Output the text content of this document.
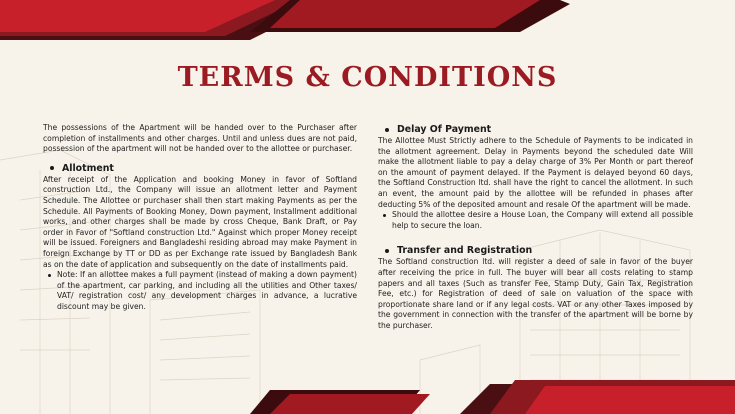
TERMS & CONDITIONS

The possessions of the Apartment will be handed over to the Purchaser after completion of installments and other charges. Until and unless dues are not paid, possession of the apartment will not be handed over to the allottee or purchaser.

Allotment

After receipt of the Application and booking Money in favor of Softland construction Ltd., the Company will issue an allotment letter and Payment Schedule. The Allottee or purchaser shall then start making Payments as per the Schedule. All Payments of Booking Money, Down payment, Installment additional works, and other charges shall be made by cross Cheque, Bank Draft, or Pay order in Favor of "Softland construction Ltd." Against which proper Money receipt will be issued. Foreigners and Bangladeshi residing abroad may make Payment in foreign Exchange by TT or DD as per Exchange rate issued by Bangladesh Bank as on the date of application and subsequently on the date of installments paid.

Note: If an allottee makes a full payment (instead of making a down payment) of the apartment, car parking, and including all the utilities and Other taxes/ VAT/ registration cost/ any development charges in advance, a lucrative discount may be given.

Delay Of Payment

The Allottee Must Strictly adhere to the Schedule of Payments to be indicated in the allotment agreement. Delay in Payments beyond the scheduled date Will make the allotment liable to pay a delay charge of 3% Per Month or part thereof on the amount of payment delayed. If the Payment is delayed beyond 60 days, the Softland Construction ltd. shall have the right to cancel the allotment. In such an event, the amount paid by the allottee will be refunded in phases after deducting 5% of the deposited amount and resale Of the apartment will be made.

Should the allottee desire a House Loan, the Company will extend all possible help to secure the loan.

Transfer and Registration

The Softland construction ltd. will register a deed of sale in favor of the buyer after receiving the price in full. The buyer will bear all costs relating to stamp papers and all taxes (Such as transfer Fee, Stamp Duty, Gain Tax, Registration Fee, etc.) for Registration of deed of sale on valuation of the space with proportionate share land or if any legal costs. VAT or any other Taxes imposed by the government in connection with the transfer of the apartment will be borne by the purchaser.
